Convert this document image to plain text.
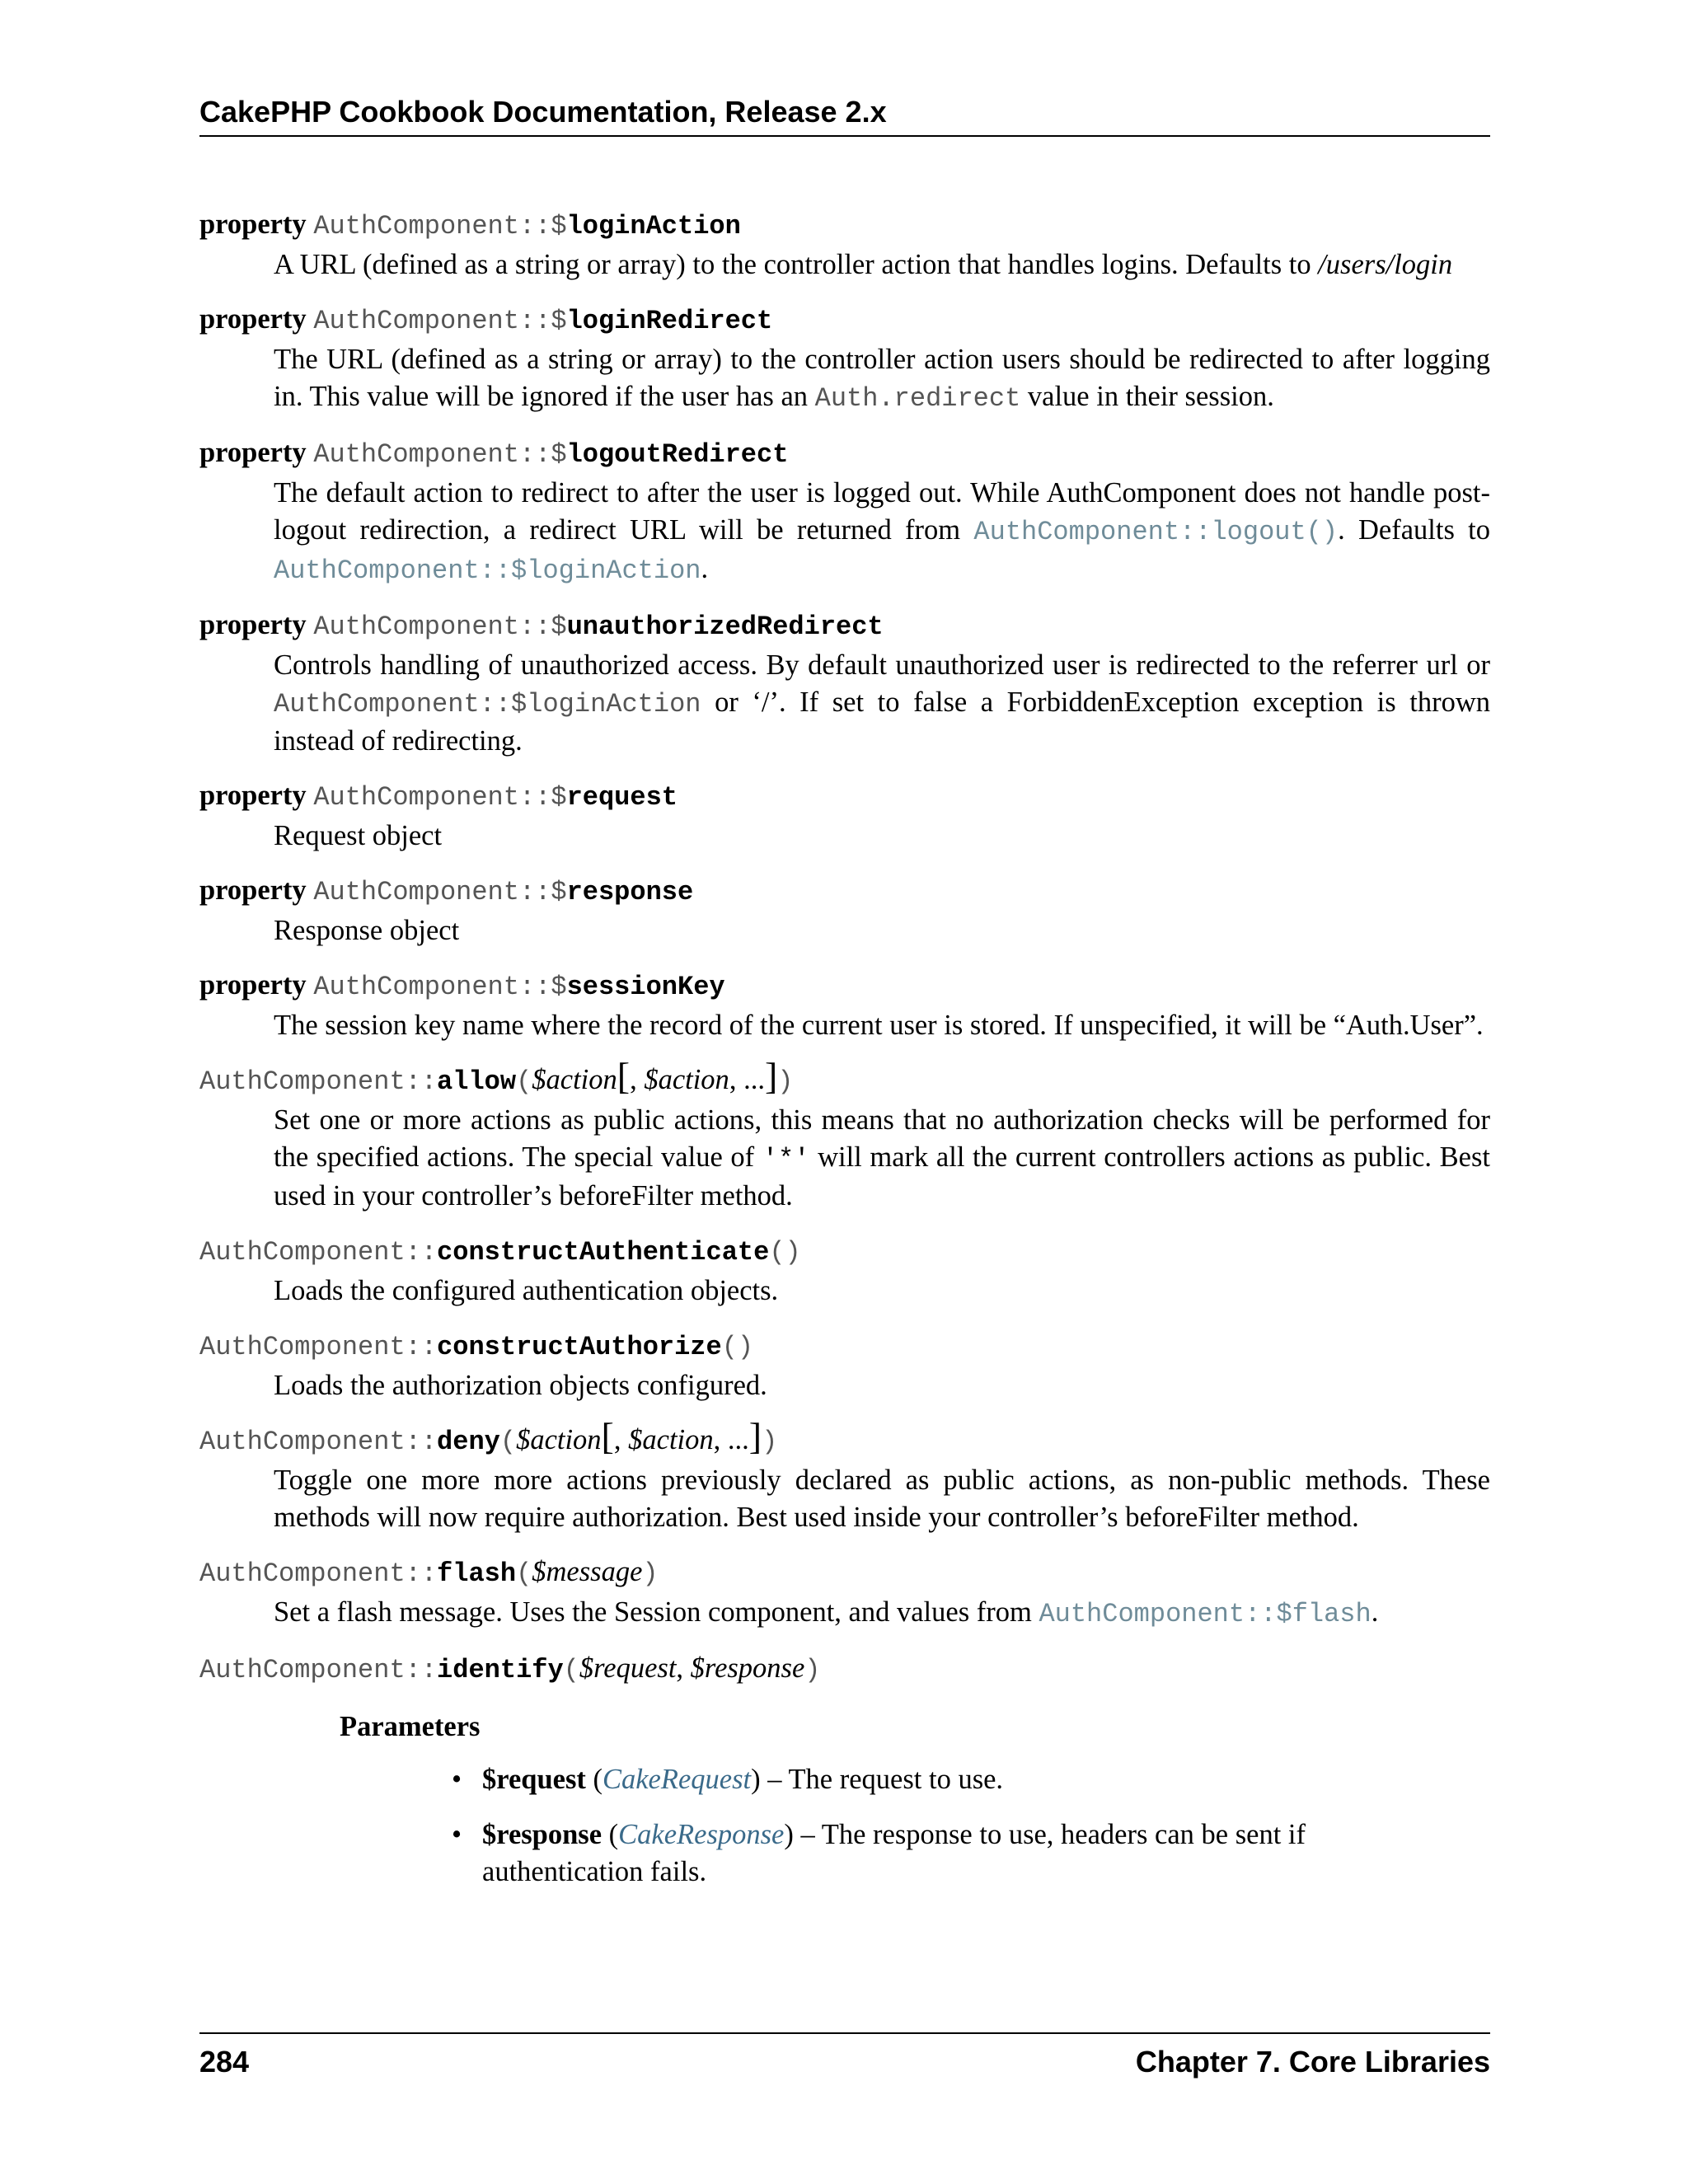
CakePHP Cookbook Documentation, Release 2.x
property AuthComponent::$loginAction
A URL (defined as a string or array) to the controller action that handles logins. Defaults to /users/login
property AuthComponent::$loginRedirect
The URL (defined as a string or array) to the controller action users should be redirected to after logging in. This value will be ignored if the user has an Auth.redirect value in their session.
property AuthComponent::$logoutRedirect
The default action to redirect to after the user is logged out. While AuthComponent does not handle post-logout redirection, a redirect URL will be returned from AuthComponent::logout(). Defaults to AuthComponent::$loginAction.
property AuthComponent::$unauthorizedRedirect
Controls handling of unauthorized access. By default unauthorized user is redirected to the referrer url or AuthComponent::$loginAction or ‘/’. If set to false a ForbiddenException exception is thrown instead of redirecting.
property AuthComponent::$request
Request object
property AuthComponent::$response
Response object
property AuthComponent::$sessionKey
The session key name where the record of the current user is stored. If unspecified, it will be “Auth.User”.
AuthComponent::allow($action[, $action, ...])
Set one or more actions as public actions, this means that no authorization checks will be performed for the specified actions. The special value of '*' will mark all the current controllers actions as public. Best used in your controller’s beforeFilter method.
AuthComponent::constructAuthenticate()
Loads the configured authentication objects.
AuthComponent::constructAuthorize()
Loads the authorization objects configured.
AuthComponent::deny($action[, $action, ...])
Toggle one more more actions previously declared as public actions, as non-public methods. These methods will now require authorization. Best used inside your controller’s beforeFilter method.
AuthComponent::flash($message)
Set a flash message. Uses the Session component, and values from AuthComponent::$flash.
AuthComponent::identify($request, $response)
Parameters
• $request (CakeRequest) – The request to use.
• $response (CakeResponse) – The response to use, headers can be sent if authentication fails.
284	Chapter 7. Core Libraries
